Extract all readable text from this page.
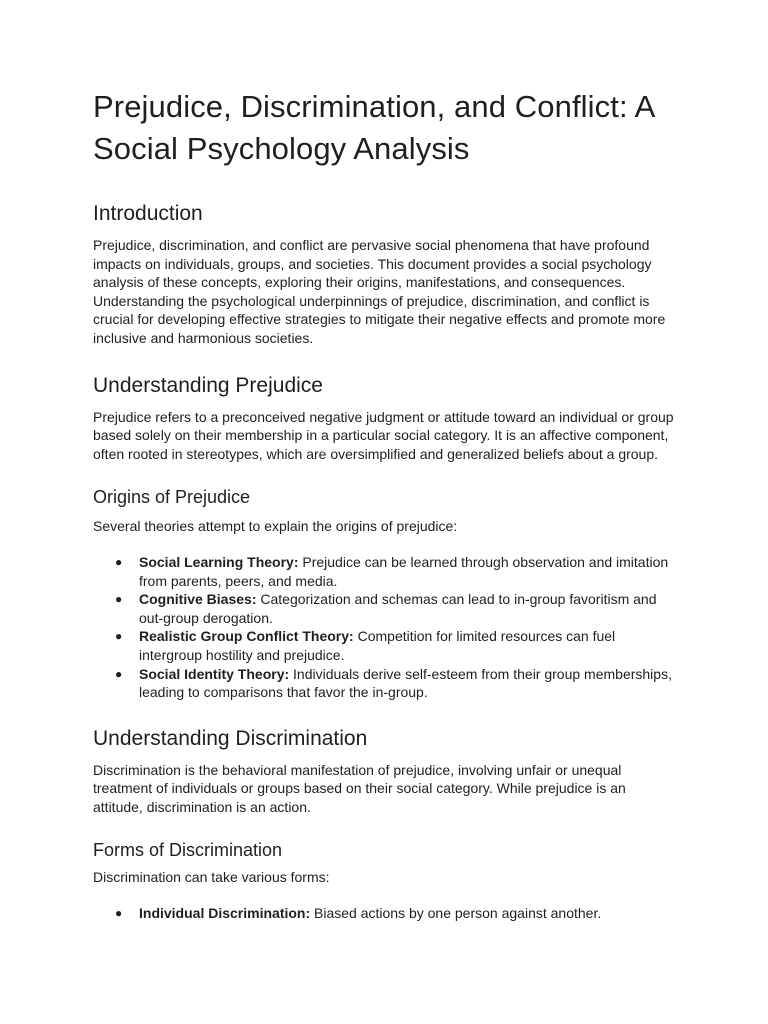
Prejudice, Discrimination, and Conflict: A Social Psychology Analysis
Introduction

Prejudice, discrimination, and conflict are pervasive social phenomena that have profound impacts on individuals, groups, and societies. This document provides a social psychology analysis of these concepts, exploring their origins, manifestations, and consequences. Understanding the psychological underpinnings of prejudice, discrimination, and conflict is crucial for developing effective strategies to mitigate their negative effects and promote more inclusive and harmonious societies.

Understanding Prejudice

Prejudice refers to a preconceived negative judgment or attitude toward an individual or group based solely on their membership in a particular social category. It is an affective component, often rooted in stereotypes, which are oversimplified and generalized beliefs about a group.

Origins of Prejudice

Several theories attempt to explain the origins of prejudice:

● Social Learning Theory: Prejudice can be learned through observation and imitation from parents, peers, and media.
● Cognitive Biases: Categorization and schemas can lead to in-group favoritism and out-group derogation.
● Realistic Group Conflict Theory: Competition for limited resources can fuel intergroup hostility and prejudice.
● Social Identity Theory: Individuals derive self-esteem from their group memberships, leading to comparisons that favor the in-group.
Understanding Discrimination

Discrimination is the behavioral manifestation of prejudice, involving unfair or unequal treatment of individuals or groups based on their social category. While prejudice is an attitude, discrimination is an action.

Forms of Discrimination

Discrimination can take various forms:

● Individual Discrimination: Biased actions by one person against another.
